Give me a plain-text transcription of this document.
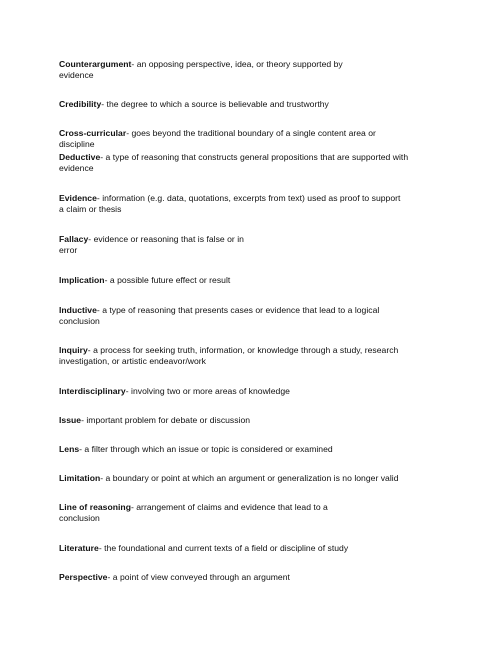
Counterargument- an opposing perspective, idea, or theory supported by
evidence

Credibility- the degree to which a source is believable and trustworthy

Cross-curricular- goes beyond the traditional boundary of a single content area or
discipline

Deductive- a type of reasoning that constructs general propositions that are supported with
evidence

Evidence- information (e.g. data, quotations, excerpts from text) used as proof to support
a claim or thesis

Fallacy- evidence or reasoning that is false or in
error

Implication- a possible future effect or result

Inductive- a type of reasoning that presents cases or evidence that lead to a logical
conclusion

Inquiry- a process for seeking truth, information, or knowledge through a study, research
investigation, or artistic endeavor/work

Interdisciplinary- involving two or more areas of knowledge

Issue- important problem for debate or discussion

Lens- a filter through which an issue or topic is considered or examined

Limitation- a boundary or point at which an argument or generalization is no longer valid

Line of reasoning- arrangement of claims and evidence that lead to a
conclusion

Literature- the foundational and current texts of a field or discipline of study

Perspective- a point of view conveyed through an argument
